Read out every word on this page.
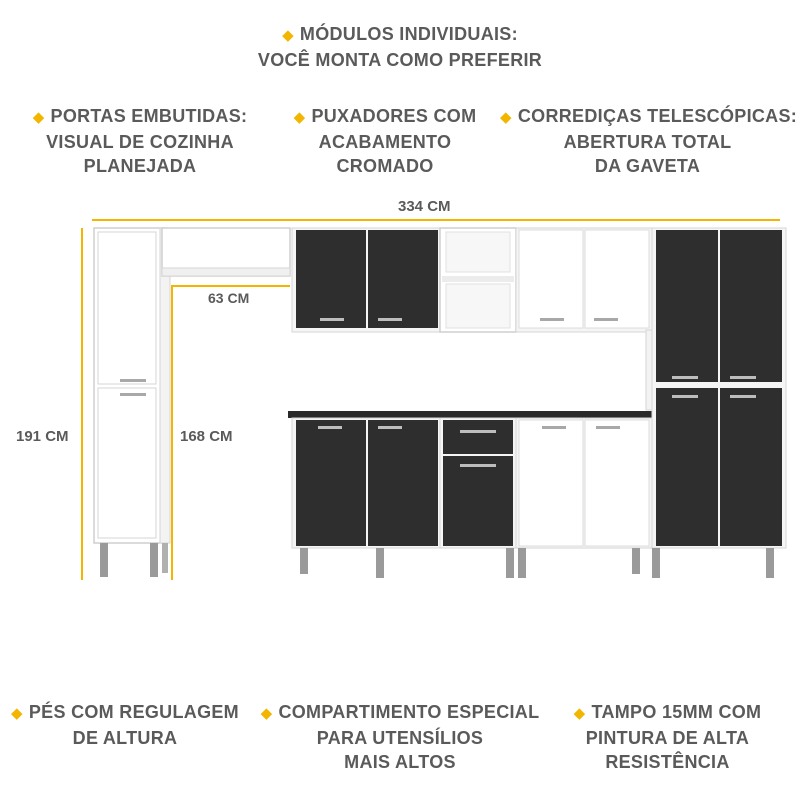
◆ MÓDULOS INDIVIDUAIS:
VOCÊ MONTA COMO PREFERIR
◆ PORTAS EMBUTIDAS:
VISUAL DE COZINHA
PLANEJADA
◆ PUXADORES COM
ACABAMENTO
CROMADO
◆ CORREDIÇAS TELESCÓPICAS:
ABERTURA TOTAL
DA GAVETA
334 CM
63 CM
191 CM	168 CM
◆ PÉS COM REGULAGEM
DE ALTURA
◆ COMPARTIMENTO ESPECIAL
PARA UTENSÍLIOS
MAIS ALTOS
◆ TAMPO 15MM COM
PINTURA DE ALTA
RESISTÊNCIA
